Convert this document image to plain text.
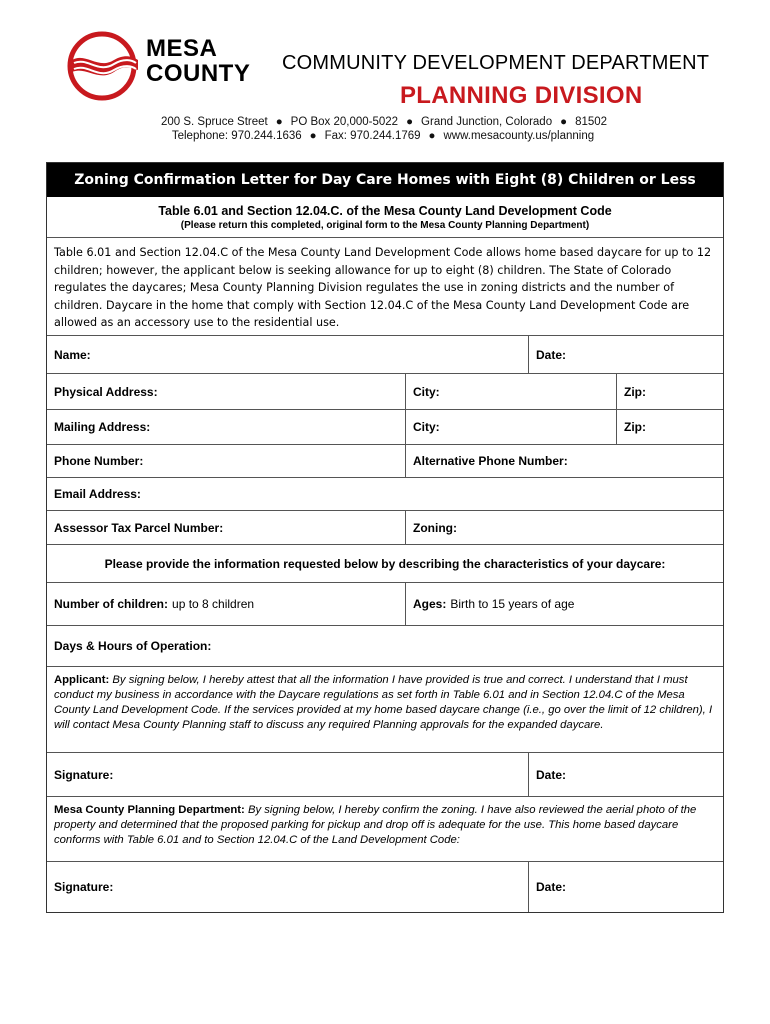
MESA
COUNTY COMMUNITY DEVELOPMENT DEPARTMENT
PLANNING DIVISION
200 S. Spruce Street ● PO Box 20,000-5022 ● Grand Junction, Colorado ● 81502
Telephone: 970.244.1636 ● Fax: 970.244.1769 ● www.mesacounty.us/planning
Zoning Confirmation Letter for Day Care Homes with Eight (8) Children or Less
Table 6.01 and Section 12.04.C. of the Mesa County Land Development Code
(Please return this completed, original form to the Mesa County Planning Department)
Table 6.01 and Section 12.04.C of the Mesa County Land Development Code allows home based daycare for up to 12 children; however, the applicant below is seeking allowance for up to eight (8) children. The State of Colorado regulates the daycares; Mesa County Planning Division regulates the use in zoning districts and the number of children. Daycare in the home that comply with Section 12.04.C of the Mesa County Land Development Code are allowed as an accessory use to the residential use.
Name:	Date:
Physical Address:	City:	Zip:
Mailing Address:	City:	Zip:
Phone Number:	Alternative Phone Number:
Email Address:
Assessor Tax Parcel Number:	Zoning:
Please provide the information requested below by describing the characteristics of your daycare:
Number of children: up to 8 children	Ages: Birth to 15 years of age
Days & Hours of Operation:
Applicant: By signing below, I hereby attest that all the information I have provided is true and correct. I understand that I must conduct my business in accordance with the Daycare regulations as set forth in Table 6.01 and in Section 12.04.C of the Mesa County Land Development Code. If the services provided at my home based daycare change (i.e., go over the limit of 12 children), I will contact Mesa County Planning staff to discuss any required Planning approvals for the expanded daycare.
Signature:	Date:
Mesa County Planning Department: By signing below, I hereby confirm the zoning. I have also reviewed the aerial photo of the property and determined that the proposed parking for pickup and drop off is adequate for the use. This home based daycare conforms with Table 6.01 and to Section 12.04.C of the Land Development Code:
Signature:	Date:
